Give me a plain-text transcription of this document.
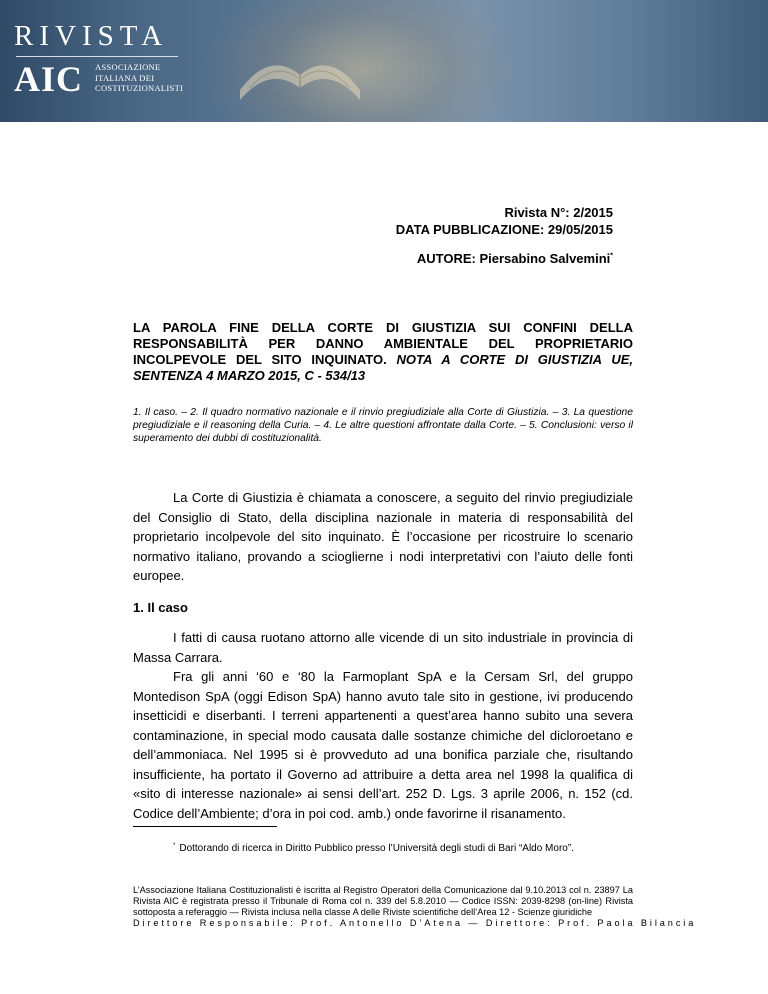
RIVISTA
AIC ASSOCIAZIONE
ITALIANA DEI
COSTITUZIONALISTI
Rivista N°: 2/2015
DATA PUBBLICAZIONE: 29/05/2015
AUTORE: Piersabino Salvemini*
LA PAROLA FINE DELLA CORTE DI GIUSTIZIA SUI CONFINI DELLA RESPONSABILITÀ PER DANNO AMBIENTALE DEL PROPRIETARIO INCOLPEVOLE DEL SITO INQUINATO. NOTA A CORTE DI GIUSTIZIA UE, SENTENZA 4 MARZO 2015, C - 534/13
1. Il caso. – 2. Il quadro normativo nazionale e il rinvio pregiudiziale alla Corte di Giustizia. – 3. La questione pregiudiziale e il reasoning della Curia. – 4. Le altre questioni affrontate dalla Corte. – 5. Conclusioni: verso il superamento dei dubbi di costituzionalità.
La Corte di Giustizia è chiamata a conoscere, a seguito del rinvio pregiudiziale del Consiglio di Stato, della disciplina nazionale in materia di responsabilità del proprietario incolpevole del sito inquinato. È l’occasione per ricostruire lo scenario normativo italiano, provando a scioglierne i nodi interpretativi con l’aiuto delle fonti europee.
1. Il caso
I fatti di causa ruotano attorno alle vicende di un sito industriale in provincia di Massa Carrara.
Fra gli anni ‘60 e ‘80 la Farmoplant SpA e la Cersam Srl, del gruppo Montedison SpA (oggi Edison SpA) hanno avuto tale sito in gestione, ivi producendo insetticidi e diserbanti. I terreni appartenenti a quest’area hanno subito una severa contaminazione, in special modo causata dalle sostanze chimiche del dicloroetano e dell’ammoniaca. Nel 1995 si è provveduto ad una bonifica parziale che, risultando insufficiente, ha portato il Governo ad attribuire a detta area nel 1998 la qualifica di «sito di interesse nazionale» ai sensi dell’art. 252 D. Lgs. 3 aprile 2006, n. 152 (cd. Codice dell’Ambiente; d’ora in poi cod. amb.) onde favorirne il risanamento.
* Dottorando di ricerca in Diritto Pubblico presso l’Università degli studi di Bari “Aldo Moro”.
L’Associazione Italiana Costituzionalisti è iscritta al Registro Operatori della Comunicazione dal 9.10.2013 col n. 23897 La Rivista AIC è registrata presso il Tribunale di Roma col n. 339 del 5.8.2010 — Codice ISSN: 2039-8298 (on-line) Rivista sottoposta a referaggio — Rivista inclusa nella classe A delle Riviste scientifiche dell’Area 12 - Scienze giuridiche
Direttore Responsabile: Prof. Antonello D’Atena — Direttore: Prof. Paola Bilancia
